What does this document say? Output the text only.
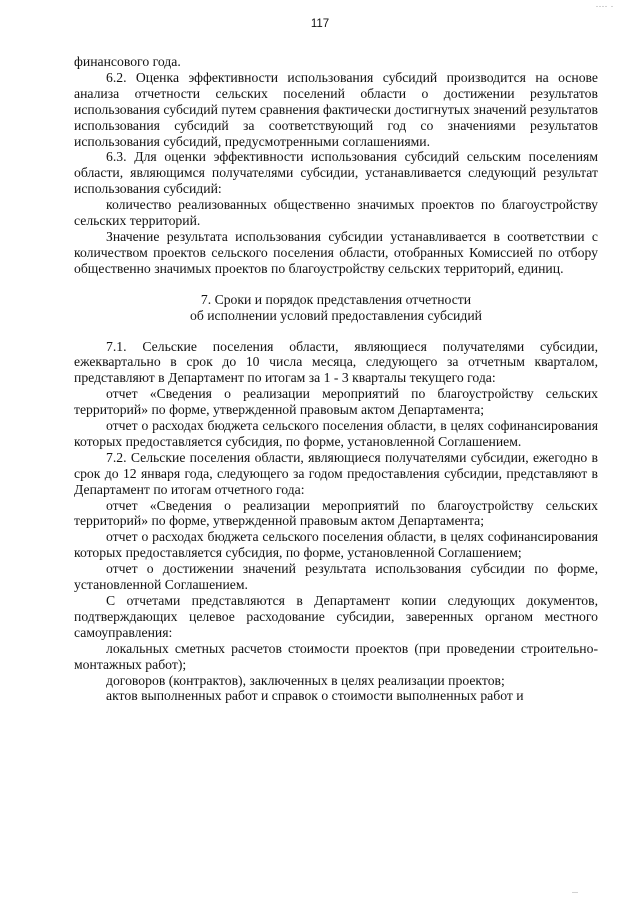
∙∙∙∙ ∙
117

финансового года.

6.2. Оценка эффективности использования субсидий производится на основе анализа отчетности сельских поселений области о достижении результатов использования субсидий путем сравнения фактически достигнутых значений результатов использования субсидий за соответствующий год со значениями результатов использования субсидий, предусмотренными соглашениями.

6.3. Для оценки эффективности использования субсидий сельским поселениям области, являющимся получателями субсидии, устанавливается следующий результат использования субсидий:

количество реализованных общественно значимых проектов по благоустройству сельских территорий.

Значение результата использования субсидии устанавливается в соответствии с количеством проектов сельского поселения области, отобранных Комиссией по отбору общественно значимых проектов по благоустройству сельских территорий, единиц.

7. Сроки и порядок представления отчетности
об исполнении условий предоставления субсидий

7.1. Сельские поселения области, являющиеся получателями субсидии, ежеквартально в срок до 10 числа месяца, следующего за отчетным кварталом, представляют в Департамент по итогам за 1 - 3 кварталы текущего года:

отчет «Сведения о реализации мероприятий по благоустройству сельских территорий» по форме, утвержденной правовым актом Департамента;

отчет о расходах бюджета сельского поселения области, в целях софинансирования которых предоставляется субсидия, по форме, установленной Соглашением.

7.2. Сельские поселения области, являющиеся получателями субсидии, ежегодно в срок до 12 января года, следующего за годом предоставления субсидии, представляют в Департамент по итогам отчетного года:

отчет «Сведения о реализации мероприятий по благоустройству сельских территорий» по форме, утвержденной правовым актом Департамента;

отчет о расходах бюджета сельского поселения области, в целях софинансирования которых предоставляется субсидия, по форме, установленной Соглашением;

отчет о достижении значений результата использования субсидии по форме, установленной Соглашением.

С отчетами представляются в Департамент копии следующих документов, подтверждающих целевое расходование субсидии, заверенных органом местного самоуправления:

локальных сметных расчетов стоимости проектов (при проведении строительно-монтажных работ);

договоров (контрактов), заключенных в целях реализации проектов;

актов выполненных работ и справок о стоимости выполненных работ и

∙∙∙
